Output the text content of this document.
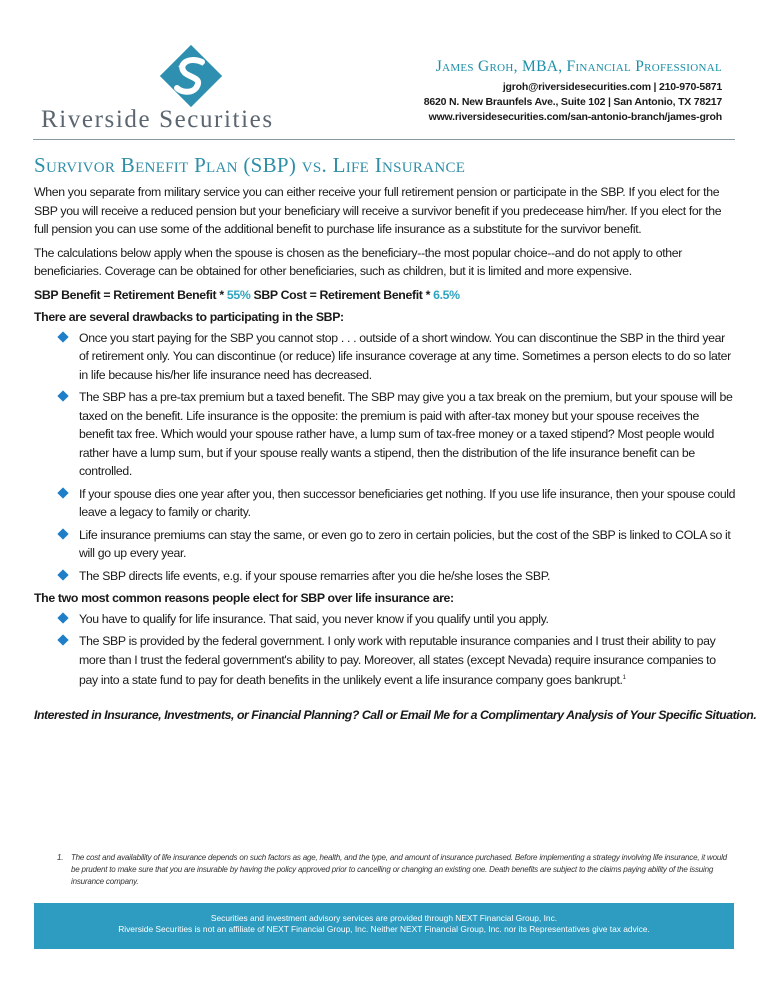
Riverside Securities
James Groh, MBA, Financial Professional
jgroh@riversidesecurities.com | 210-970-5871
8620 N. New Braunfels Ave., Suite 102 | San Antonio, TX 78217
www.riversidesecurities.com/san-antonio-branch/james-groh
Survivor Benefit Plan (SBP) vs. Life Insurance

When you separate from military service you can either receive your full retirement pension or participate in the SBP. If you elect for the SBP you will receive a reduced pension but your beneficiary will receive a survivor benefit if you predecease him/her. If you elect for the full pension you can use some of the additional benefit to purchase life insurance as a substitute for the survivor benefit.

The calculations below apply when the spouse is chosen as the beneficiary--the most popular choice--and do not apply to other beneficiaries. Coverage can be obtained for other beneficiaries, such as children, but it is limited and more expensive.

SBP Benefit = Retirement Benefit * 55% SBP Cost = Retirement Benefit * 6.5%
There are several drawbacks to participating in the SBP:
Once you start paying for the SBP you cannot stop . . . outside of a short window. You can discontinue the SBP in the third year of retirement only. You can discontinue (or reduce) life insurance coverage at any time. Sometimes a person elects to do so later in life because his/her life insurance need has decreased.
The SBP has a pre-tax premium but a taxed benefit. The SBP may give you a tax break on the premium, but your spouse will be taxed on the benefit. Life insurance is the opposite: the premium is paid with after-tax money but your spouse receives the benefit tax free. Which would your spouse rather have, a lump sum of tax-free money or a taxed stipend? Most people would rather have a lump sum, but if your spouse really wants a stipend, then the distribution of the life insurance benefit can be controlled.
If your spouse dies one year after you, then successor beneficiaries get nothing. If you use life insurance, then your spouse could leave a legacy to family or charity.
Life insurance premiums can stay the same, or even go to zero in certain policies, but the cost of the SBP is linked to COLA so it will go up every year.
The SBP directs life events, e.g. if your spouse remarries after you die he/she loses the SBP.
The two most common reasons people elect for SBP over life insurance are:
You have to qualify for life insurance. That said, you never know if you qualify until you apply.
The SBP is provided by the federal government. I only work with reputable insurance companies and I trust their ability to pay more than I trust the federal government's ability to pay. Moreover, all states (except Nevada) require insurance companies to pay into a state fund to pay for death benefits in the unlikely event a life insurance company goes bankrupt.$^1$
Interested in Insurance, Investments, or Financial Planning? Call or Email Me for a Complimentary Analysis of Your Specific Situation.
1. The cost and availability of life insurance depends on such factors as age, health, and the type, and amount of insurance purchased. Before implementing a strategy involving life insurance, it would be prudent to make sure that you are insurable by having the policy approved prior to cancelling or changing an existing one. Death benefits are subject to the claims paying ability of the issuing insurance company.
Securities and investment advisory services are provided through NEXT Financial Group, Inc.
Riverside Securities is not an affiliate of NEXT Financial Group, Inc. Neither NEXT Financial Group, Inc. nor its Representatives give tax advice.
